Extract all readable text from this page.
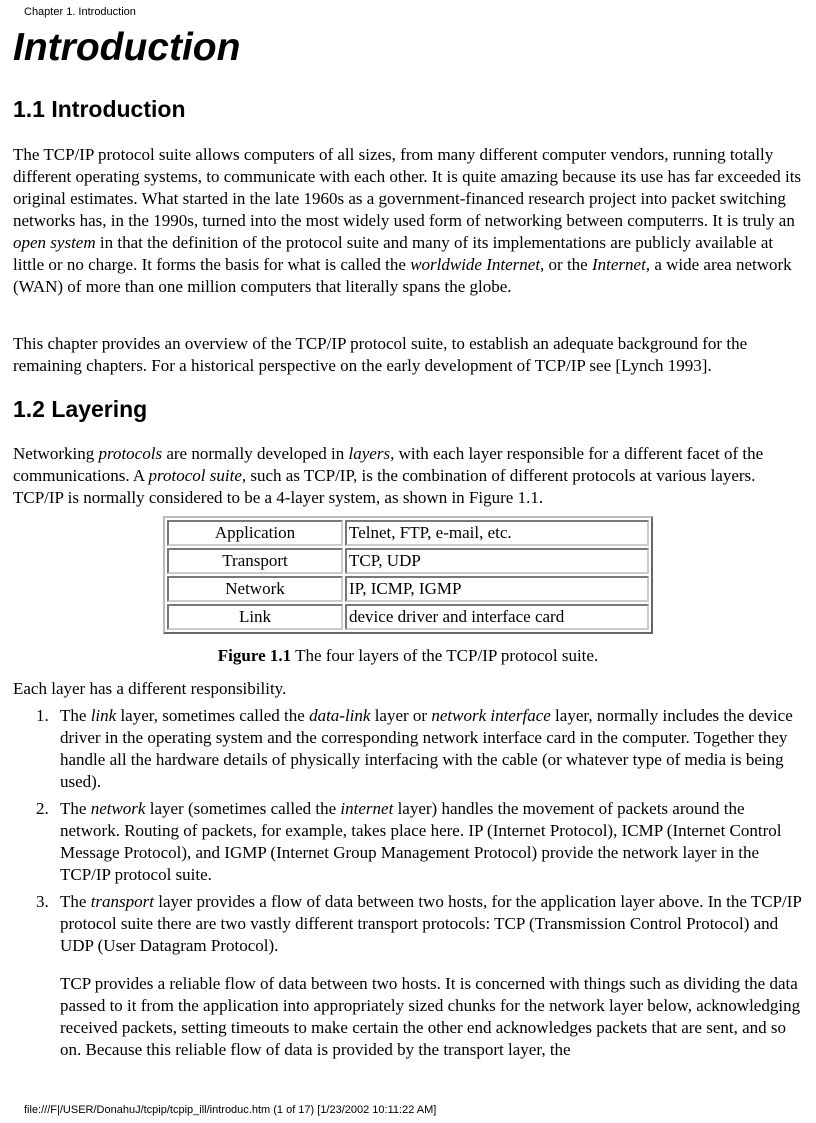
Chapter 1. Introduction
Introduction
1.1 Introduction

The TCP/IP protocol suite allows computers of all sizes, from many different computer vendors, running totally different operating systems, to communicate with each other. It is quite amazing because its use has far exceeded its original estimates. What started in the late 1960s as a government-financed research project into packet switching networks has, in the 1990s, turned into the most widely used form of networking between computerrs. It is truly an open system in that the definition of the protocol suite and many of its implementations are publicly available at little or no charge. It forms the basis for what is called the worldwide Internet, or the Internet, a wide area network (WAN) of more than one million computers that literally spans the globe.

This chapter provides an overview of the TCP/IP protocol suite, to establish an adequate background for the remaining chapters. For a historical perspective on the early development of TCP/IP see [Lynch 1993].

1.2 Layering

Networking protocols are normally developed in layers, with each layer responsible for a different facet of the communications. A protocol suite, such as TCP/IP, is the combination of different protocols at various layers. TCP/IP is normally considered to be a 4-layer system, as shown in Figure 1.1.

Application	Telnet, FTP, e-mail, etc.
Transport	TCP, UDP
Network	IP, ICMP, IGMP
Link	device driver and interface card
Figure 1.1 The four layers of the TCP/IP protocol suite.

Each layer has a different responsibility.

1. The link layer, sometimes called the data-link layer or network interface layer, normally includes the device driver in the operating system and the corresponding network interface card in the computer. Together they handle all the hardware details of physically interfacing with the cable (or whatever type of media is being used).
2. The network layer (sometimes called the internet layer) handles the movement of packets around the network. Routing of packets, for example, takes place here. IP (Internet Protocol), ICMP (Internet Control Message Protocol), and IGMP (Internet Group Management Protocol) provide the network layer in the TCP/IP protocol suite.
3. The transport layer provides a flow of data between two hosts, for the application layer above. In the TCP/IP protocol suite there are two vastly different transport protocols: TCP (Transmission Control Protocol) and UDP (User Datagram Protocol).

TCP provides a reliable flow of data between two hosts. It is concerned with things such as dividing the data passed to it from the application into appropriately sized chunks for the network layer below, acknowledging received packets, setting timeouts to make certain the other end acknowledges packets that are sent, and so on. Because this reliable flow of data is provided by the transport layer, the

file:///F|/USER/DonahuJ/tcpip/tcpip_ill/introduc.htm (1 of 17) [1/23/2002 10:11:22 AM]
